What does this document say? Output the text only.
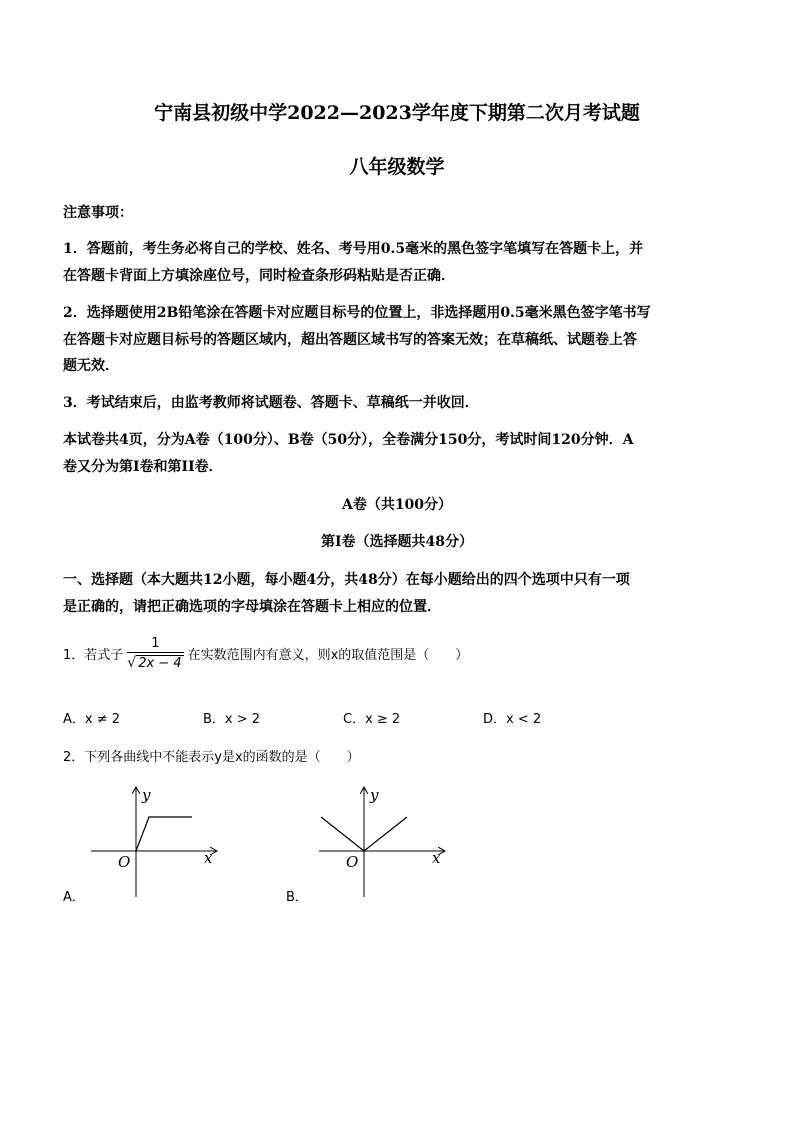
宁南县初级中学2022—2023学年度下期第二次月考试题
八年级数学
注意事项：
1．答题前，考生务必将自己的学校、姓名、考号用0.5毫米的黑色签字笔填写在答题卡上，并
在答题卡背面上方填涂座位号，同时检查条形码粘贴是否正确．
2．选择题使用2B铅笔涂在答题卡对应题目标号的位置上，非选择题用0.5毫米黑色签字笔书写
在答题卡对应题目标号的答题区域内，超出答题区域书写的答案无效；在草稿纸、试题卷上答
题无效．
3．考试结束后，由监考教师将试题卷、答题卡、草稿纸一并收回．
本试卷共4页，分为A卷（100分）、B卷（50分），全卷满分150分，考试时间120分钟．A
卷又分为第I卷和第II卷．
A卷（共100分）
第I卷（选择题共48分）
一、选择题（本大题共12小题，每小题4分，共48分）在每小题给出的四个选项中只有一项
是正确的，请把正确选项的字母填涂在答题卡上相应的位置．
1．若式子 $\frac{1}{√ 2x - 4}$ 在实数范围内有意义，则x的取值范围是（　　）
A．x ≠ 2	B．x > 2	C．x ≥ 2	D．x < 2
2．下列各曲线中不能表示y是x的函数的是（　　）
y
x
O
A．
y
x
O
B．
